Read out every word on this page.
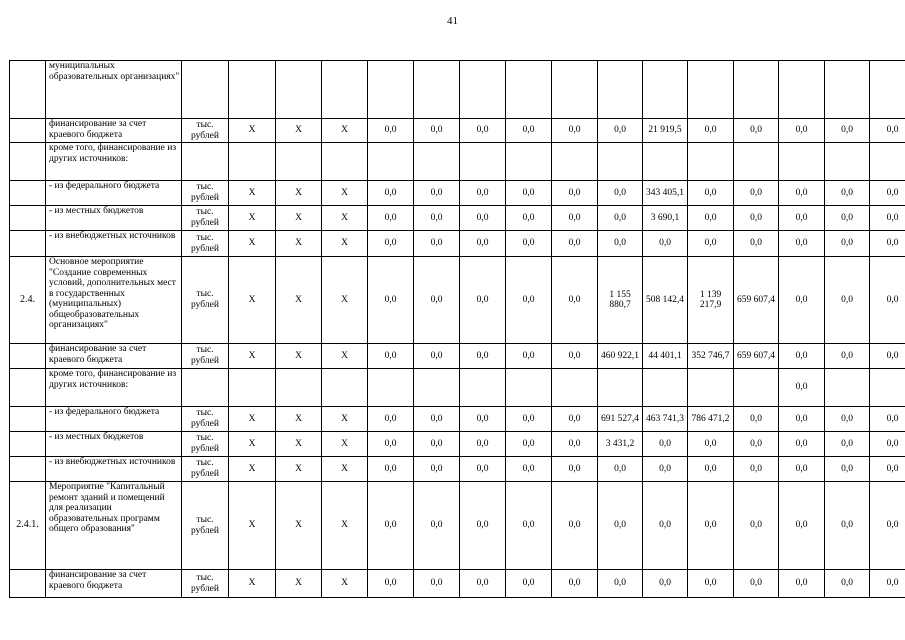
41
	муниципальных образовательных организациях"																	
	финансирование за счет краевого бюджета	тыс. рублей	Х	Х	Х	0,0	0,0	0,0	0,0	0,0	0,0	21 919,5	0,0	0,0	0,0	0,0	0,0	
	кроме того, финансирование из других источников:																	
	- из федерального бюджета	тыс. рублей	Х	Х	Х	0,0	0,0	0,0	0,0	0,0	0,0	343 405,1	0,0	0,0	0,0	0,0	0,0	
	- из местных бюджетов	тыс. рублей	Х	Х	Х	0,0	0,0	0,0	0,0	0,0	0,0	3 690,1	0,0	0,0	0,0	0,0	0,0	
	- из внебюджетных источников	тыс. рублей	Х	Х	Х	0,0	0,0	0,0	0,0	0,0	0,0	0,0	0,0	0,0	0,0	0,0	0,0	
2.4.	Основное мероприятие "Создание современных условий, дополнительных мест в государственных (муниципальных) общеобразовательных организациях"	тыс. рублей	Х	Х	Х	0,0	0,0	0,0	0,0	0,0	1 155 880,7	508 142,4	1 139 217,9	659 607,4	0,0	0,0	0,0	
	финансирование за счет краевого бюджета	тыс. рублей	Х	Х	Х	0,0	0,0	0,0	0,0	0,0	460 922,1	44 401,1	352 746,7	659 607,4	0,0	0,0	0,0	
	кроме того, финансирование из других источников:														0,0			
	- из федерального бюджета	тыс. рублей	Х	Х	Х	0,0	0,0	0,0	0,0	0,0	691 527,4	463 741,3	786 471,2	0,0	0,0	0,0	0,0	
	- из местных бюджетов	тыс. рублей	Х	Х	Х	0,0	0,0	0,0	0,0	0,0	3 431,2	0,0	0,0	0,0	0,0	0,0	0,0	
	- из внебюджетных источников	тыс. рублей	Х	Х	Х	0,0	0,0	0,0	0,0	0,0	0,0	0,0	0,0	0,0	0,0	0,0	0,0	
2.4.1.	Мероприятие "Капитальный ремонт зданий и помещений для реализации образовательных программ общего образования"	тыс. рублей	Х	Х	Х	0,0	0,0	0,0	0,0	0,0	0,0	0,0	0,0	0,0	0,0	0,0	0,0	
	финансирование за счет краевого бюджета	тыс. рублей	Х	Х	Х	0,0	0,0	0,0	0,0	0,0	0,0	0,0	0,0	0,0	0,0	0,0	0,0	
